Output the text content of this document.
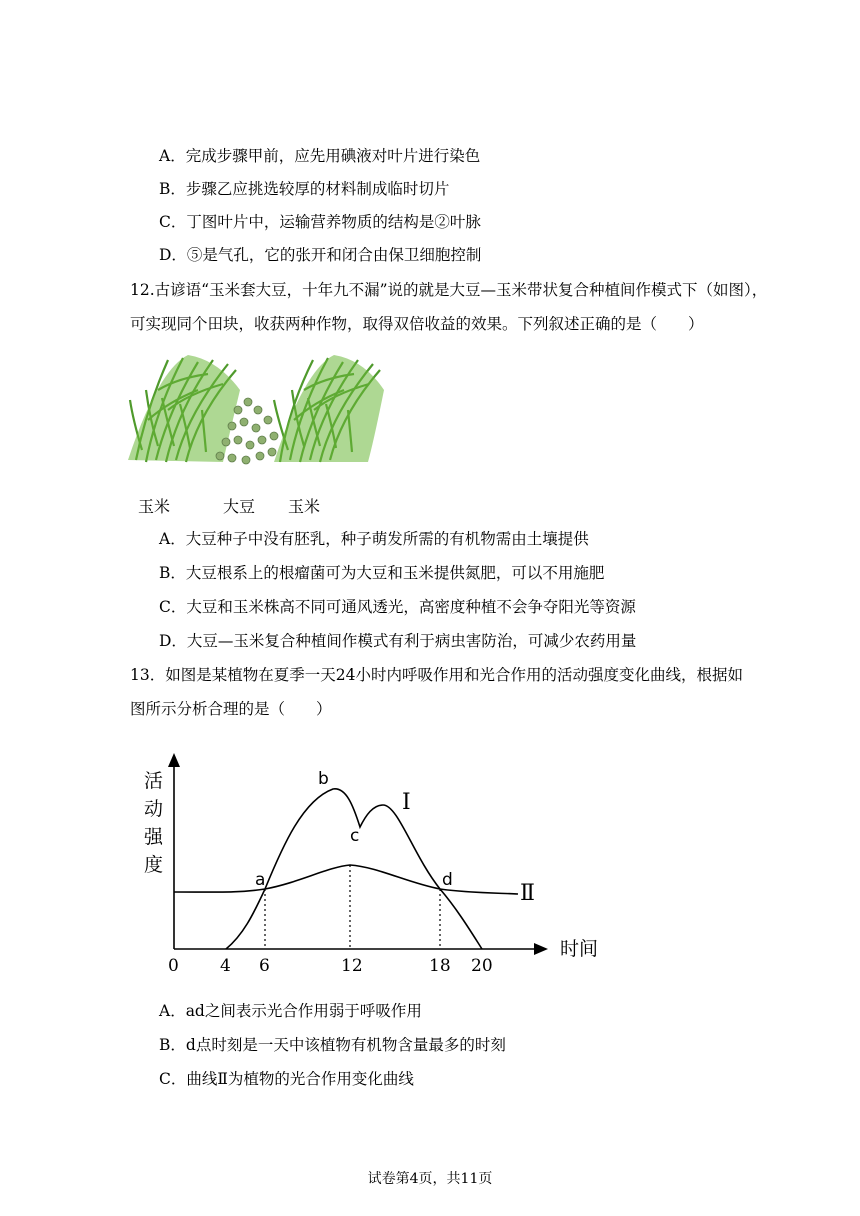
A．完成步骤甲前，应先用碘液对叶片进行染色
B．步骤乙应挑选较厚的材料制成临时切片
C．丁图叶片中，运输营养物质的结构是②叶脉
D．⑤是气孔，它的张开和闭合由保卫细胞控制
12.古谚语“玉米套大豆，十年九不漏”说的就是大豆—玉米带状复合种植间作模式下（如图），
可实现同个田块，收获两种作物，取得双倍收益的效果。下列叙述正确的是（　　）
玉米	大豆 玉米
A．大豆种子中没有胚乳，种子萌发所需的有机物需由土壤提供
B．大豆根系上的根瘤菌可为大豆和玉米提供氮肥，可以不用施肥
C．大豆和玉米株高不同可通风透光，高密度种植不会争夺阳光等资源
D．大豆—玉米复合种植间作模式有利于病虫害防治，可减少农药用量
13．如图是某植物在夏季一天24小时内呼吸作用和光合作用的活动强度变化曲线，根据如
图所示分析合理的是（　　）
活
动
强
度
时间
0 4 6	12	18 20
a
b
c
d
Ⅰ
Ⅱ
A．ad之间表示光合作用弱于呼吸作用
B．d点时刻是一天中该植物有机物含量最多的时刻
C．曲线Ⅱ为植物的光合作用变化曲线
试卷第4页，共11页
